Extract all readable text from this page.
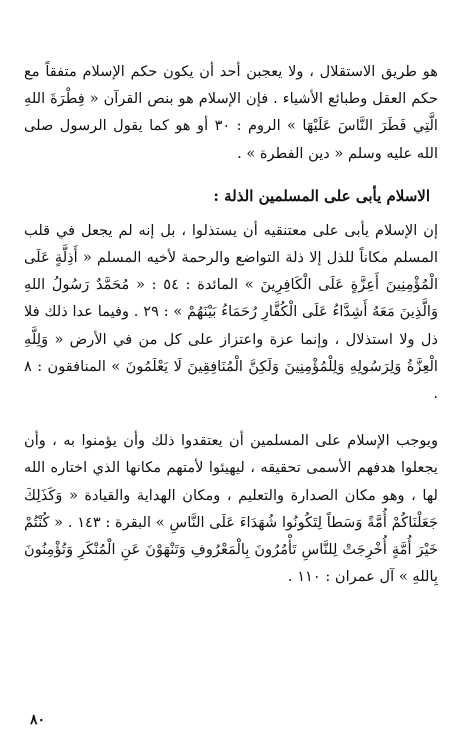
هو طريق الاستقلال ، ولا يعجبن أحد أن يكون حكم الإسلام متفقاً مع حكم العقل وطبائع الأشياء . فإن الإسلام هو بنص القرآن « فِطْرَةَ اللهِ الَّتِي فَطَرَ النَّاسَ عَلَيْهَا » الروم : ٣٠ أو هو كما يقول الرسول صلى الله عليه وسلم « دين الفطرة » .

الاسلام يأبى على المسلمين الذلة :

إن الإسلام يأبى على معتنقيه أن يستذلوا ، بل إنه لم يجعل في قلب المسلم مكاناً للذل إلا ذلة التواضع والرحمة لأخيه المسلم « أَذِلَّةٍ عَلَى الْمُؤْمِنِينَ أَعِزَّةٍ عَلَى الْكَافِرِينَ » المائدة : ٥٤ : « مُحَمَّدٌ رَسُولُ اللهِ وَالَّذِينَ مَعَهُ أَشِدَّاءُ عَلَى الْكُفَّارِ رُحَمَاءُ بَيْنَهُمْ » : ٢٩ . وفيما عدا ذلك فلا ذل ولا استذلال ، وإنما عزة واعتزاز على كل من في الأرض « وَلِلَّهِ الْعِزَّةُ وَلِرَسُولِهِ وَلِلْمُؤْمِنِينَ وَلَكِنَّ الْمُنَافِقِينَ لَا يَعْلَمُونَ » المنافقون : ٨ .

ويوجب الإسلام على المسلمين أن يعتقدوا ذلك وأن يؤمنوا به ، وأن يجعلوا هدفهم الأسمى تحقيقه ، ليهيئوا لأمتهم مكانها الذي اختاره الله لها ، وهو مكان الصدارة والتعليم ، ومكان الهداية والقيادة « وَكَذَلِكَ جَعَلْنَاكُمْ أُمَّةً وَسَطاً لِتَكُونُوا شُهَدَاءَ عَلَى النَّاسِ » البقرة : ١٤٣ . « كُنْتُمْ خَيْرَ أُمَّةٍ أُخْرِجَتْ لِلنَّاسِ تَأْمُرُونَ بِالْمَعْرُوفِ وَتَنْهَوْنَ عَنِ الْمُنْكَرِ وَتُؤْمِنُونَ بِاللهِ » آل عمران : ١١٠ .

٨٠
